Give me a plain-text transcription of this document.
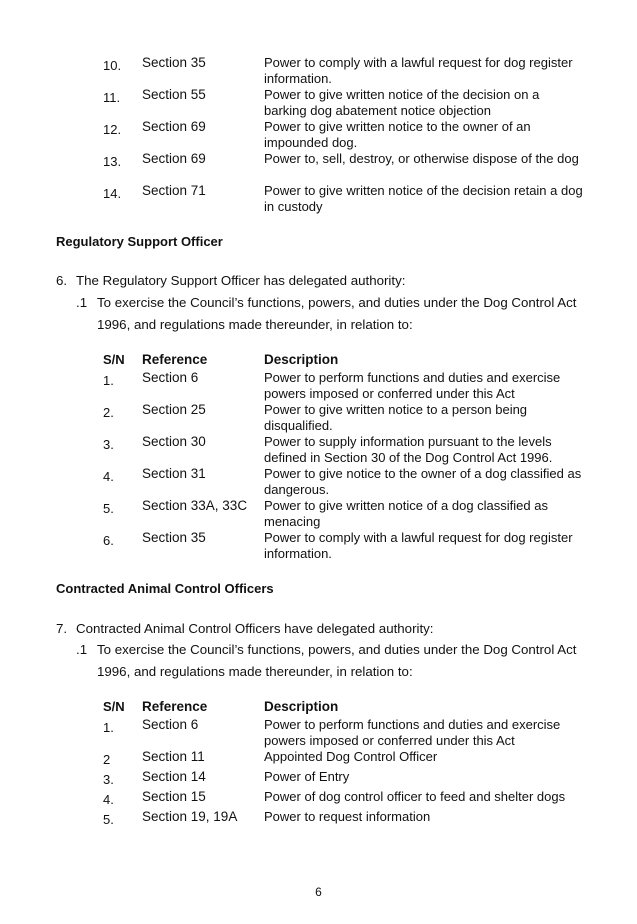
10.	Section 35	Power to comply with a lawful request for dog register information.
11.	Section 55	Power to give written notice of the decision on a barking dog abatement notice objection
12.	Section 69	Power to give written notice to the owner of an impounded dog.
13.	Section 69	Power to, sell, destroy, or otherwise dispose of the dog
14.	Section 71	Power to give written notice of the decision retain a dog in custody
Regulatory Support Officer
6. The Regulatory Support Officer has delegated authority:
.1 To exercise the Council’s functions, powers, and duties under the Dog Control Act
1996, and regulations made thereunder, in relation to:
S/N	Reference	Description
1.	Section 6	Power to perform functions and duties and exercise powers imposed or conferred under this Act
2.	Section 25	Power to give written notice to a person being disqualified.
3.	Section 30	Power to supply information pursuant to the levels defined in Section 30 of the Dog Control Act 1996.
4.	Section 31	Power to give notice to the owner of a dog classified as dangerous.
5.	Section 33A, 33C	Power to give written notice of a dog classified as menacing
6.	Section 35	Power to comply with a lawful request for dog register information.
Contracted Animal Control Officers
7. Contracted Animal Control Officers have delegated authority:
.1 To exercise the Council’s functions, powers, and duties under the Dog Control Act
1996, and regulations made thereunder, in relation to:
S/N	Reference	Description
1.	Section 6	Power to perform functions and duties and exercise powers imposed or conferred under this Act
2	Section 11	Appointed Dog Control Officer
3.	Section 14	Power of Entry
4.	Section 15	Power of dog control officer to feed and shelter dogs
5.	Section 19, 19A	Power to request information
6
